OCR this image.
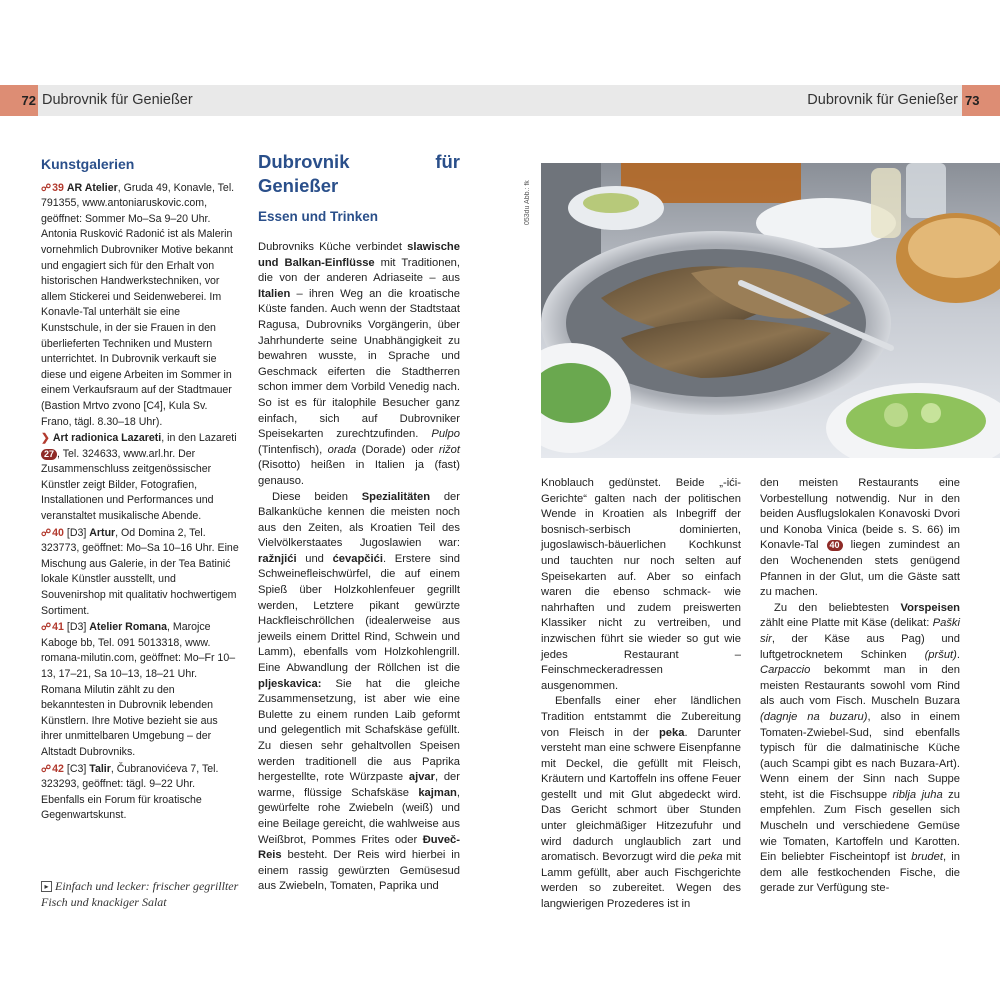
72 Dubrovnik für Genießer	Dubrovnik für Genießer 73
Kunstgalerien
☍39 AR Atelier, Gruda 49, Konavle, Tel. 791355, www.antoniaruskovic.com, geöffnet: Sommer Mo–Sa 9–20 Uhr. Antonia Rusković Radonić ist als Malerin vornehmlich Dubrovniker Motive bekannt und engagiert sich für den Erhalt von historischen Handwerkstechniken, vor allem Stickerei und Seidenweberei. Im Konavle-Tal unterhält sie eine Kunstschule, in der sie Frauen in den überlieferten Techniken und Mustern unterrichtet. In Dubrovnik verkauft sie diese und eigene Arbeiten im Sommer in einem Verkaufsraum auf der Stadtmauer (Bastion Mrtvo zvono [C4], Kula Sv. Frano, tägl. 8.30–18 Uhr).
❯ Art radionica Lazareti, in den Lazareti 27 , Tel. 324633, www.arl.hr. Der Zusammenschluss zeitgenössischer Künstler zeigt Bilder, Fotografien, Installationen und Performances und veranstaltet musikalische Abende.
☍40 [D3] Artur, Od Domina 2, Tel. 323773, geöffnet: Mo–Sa 10–16 Uhr. Eine Mischung aus Galerie, in der Tea Batinić lokale Künstler ausstellt, und Souvenirshop mit qualitativ hochwertigem Sortiment.
☍41 [D3] Atelier Romana, Marojce Kaboge bb, Tel. 091 5013318, www. romana-milutin.com, geöffnet: Mo–Fr 10–13, 17–21, Sa 10–13, 18–21 Uhr. Romana Milutin zählt zu den bekanntesten in Dubrovnik lebenden Künstlern. Ihre Motive bezieht sie aus ihrer unmittelbaren Umgebung – der Altstadt Dubrovniks.
☍42 [C3] Talir, Čubranovićeva 7, Tel. 323293, geöffnet: tägl. 9–22 Uhr. Ebenfalls ein Forum für kroatische Gegenwartskunst.
▸ Einfach und lecker: frischer gegrillter Fisch und knackiger Salat
Dubrovnik für Genießer
Essen und Trinken

Dubrovniks Küche verbindet slawische und Balkan-Einflüsse mit Traditionen, die von der anderen Adriaseite – aus Italien – ihren Weg an die kroatische Küste fanden. Auch wenn der Stadtstaat Ragusa, Dubrovniks Vorgängerin, über Jahrhunderte seine Unabhängigkeit zu bewahren wusste, in Sprache und Geschmack eiferten die Stadtherren schon immer dem Vorbild Venedig nach. So ist es für italophile Besucher ganz einfach, sich auf Dubrovniker Speisekarten zurechtzufinden. Pulpo (Tintenfisch), orada (Dorade) oder rižot (Risotto) heißen in Italien ja (fast) genauso.

Diese beiden Spezialitäten der Balkanküche kennen die meisten noch aus den Zeiten, als Kroatien Teil des Vielvölkerstaates Jugoslawien war: ražnjići und ćevapčići. Ersterе sind Schweinefleischwürfel, die auf einem Spieß über Holzkohlenfeuer gegrillt werden, Letztere pikant gewürzte Hackfleischröllchen (idealerweise aus jeweils einem Drittel Rind, Schwein und Lamm), ebenfalls vom Holzkohlengrill. Eine Abwandlung der Röllchen ist die pljeskavica: Sie hat die gleiche Zusammensetzung, ist aber wie eine Bulette zu einem runden Laib geformt und gelegentlich mit Schafskäse gefüllt. Zu diesen sehr gehaltvollen Speisen werden traditionell die aus Paprika hergestellte, rote Würzpaste ajvar, der warme, flüssige Schafskäse kajman, gewürfelte rohe Zwiebeln (weiß) und eine Beilage gereicht, die wahlweise aus Weißbrot, Pommes Frites oder Đuveč-Reis besteht. Der Reis wird hierbei in einem rassig gewürzten Gemüsesud aus Zwiebeln, Tomaten, Paprika und

053du Abb.: fk

Knoblauch gedünstet. Beide „-ići-Gerichte“ galten nach der politischen Wende in Kroatien als Inbegriff der bosnisch-serbisch dominierten, jugoslawisch-bäuerlichen Kochkunst und tauchten nur noch selten auf Speisekarten auf. Aber so einfach waren die ebenso schmack- wie nahrhaften und zudem preiswerten Klassiker nicht zu vertreiben, und inzwischen führt sie wieder so gut wie jedes Restaurant – Feinschmeckeradressen ausgenommen.

Ebenfalls einer eher ländlichen Tradition entstammt die Zubereitung von Fleisch in der peka. Darunter versteht man eine schwere Eisenpfanne mit Deckel, die gefüllt mit Fleisch, Kräutern und Kartoffeln ins offene Feuer gestellt und mit Glut abgedeckt wird. Das Gericht schmort über Stunden unter gleichmäßiger Hitzezufuhr und wird dadurch unglaublich zart und aromatisch. Bevorzugt wird die peka mit Lamm gefüllt, aber auch Fischgerichte werden so zubereitet. Wegen des langwierigen Prozederes ist in

den meisten Restaurants eine Vorbestellung notwendig. Nur in den beiden Ausflugslokalen Konavoski Dvori und Konoba Vinica (beide s. S. 66) im Konavle-Tal 40 liegen zumindest an den Wochenenden stets genügend Pfannen in der Glut, um die Gäste satt zu machen.

Zu den beliebtesten Vorspeisen zählt eine Platte mit Käse (delikat: Paški sir, der Käse aus Pag) und luftgetrocknetem Schinken (pršut). Carpaccio bekommt man in den meisten Restaurants sowohl vom Rind als auch vom Fisch. Muscheln Buzara (dagnje na buzaru), also in einem Tomaten-Zwiebel-Sud, sind ebenfalls typisch für die dalmatinische Küche (auch Scampi gibt es nach Buzara-Art). Wenn einem der Sinn nach Suppe steht, ist die Fischsuppe riblja juha zu empfehlen. Zum Fisch gesellen sich Muscheln und verschiedene Gemüse wie Tomaten, Kartoffeln und Karotten. Ein beliebter Fischeintopf ist brudet, in dem alle festkochenden Fische, die gerade zur Verfügung ste-
